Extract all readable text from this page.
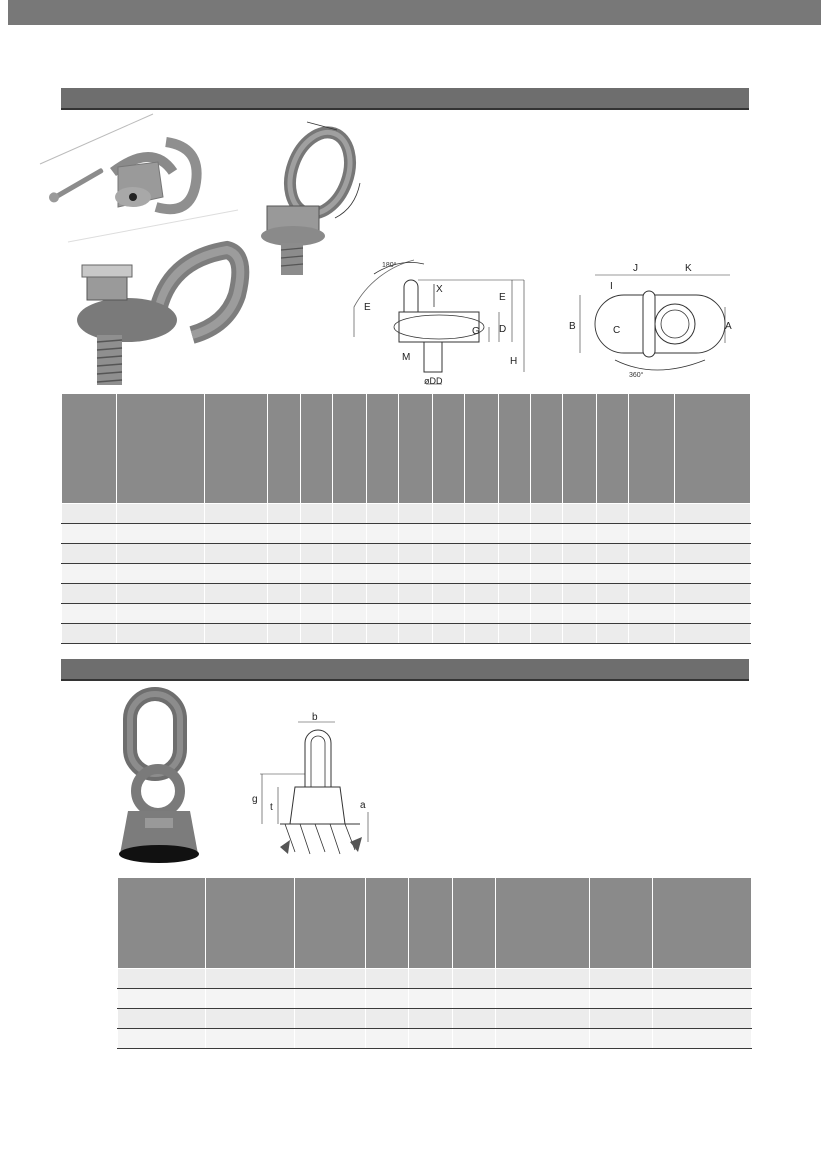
180°
E
X
E
G D
H
M
øDD
J	K
I
B	C	A
360°

b
g
t	a
